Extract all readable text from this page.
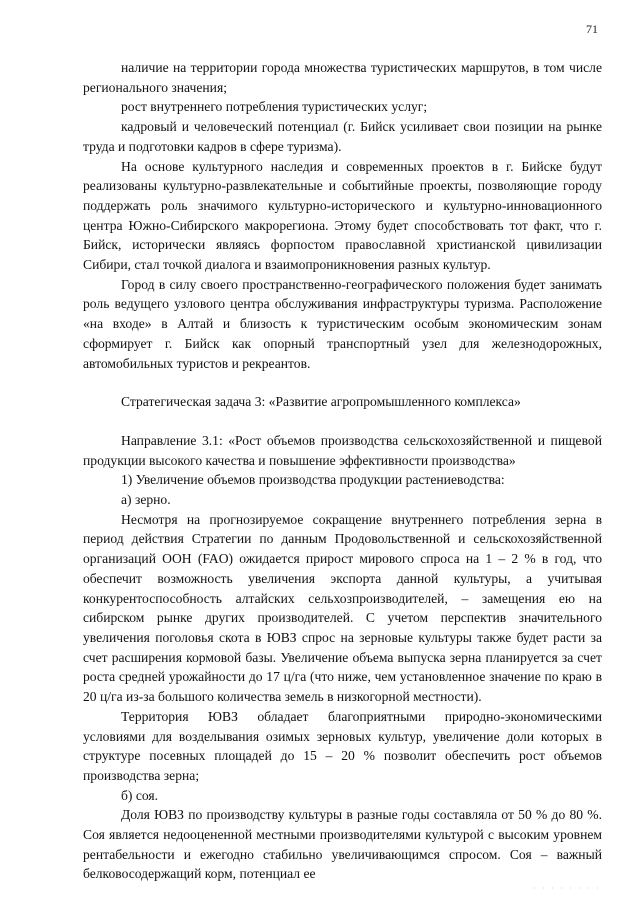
71

наличие на территории города множества туристических маршрутов, в том числе регионального значения;

рост внутреннего потребления туристических услуг;

кадровый и человеческий потенциал (г. Бийск усиливает свои позиции на рынке труда и подготовки кадров в сфере туризма).

На основе культурного наследия и современных проектов в г. Бийске будут реализованы культурно-развлекательные и событийные проекты, позволяющие городу поддержать роль значимого культурно-исторического и культурно-инновационного центра Южно-Сибирского макрорегиона. Этому будет способствовать тот факт, что г. Бийск, исторически являясь форпостом православной христианской цивилизации Сибири, стал точкой диалога и взаимопроникновения разных культур.

Город в силу своего пространственно-географического положения будет занимать роль ведущего узлового центра обслуживания инфраструктуры туризма. Расположение «на входе» в Алтай и близость к туристическим особым экономическим зонам сформирует г. Бийск как опорный транспортный узел для железнодорожных, автомобильных туристов и рекреантов.

Стратегическая задача 3: «Развитие агропромышленного комплекса»

Направление 3.1: «Рост объемов производства сельскохозяйственной и пищевой продукции высокого качества и повышение эффективности производства»

1) Увеличение объемов производства продукции растениеводства:

а) зерно.

Несмотря на прогнозируемое сокращение внутреннего потребления зерна в период действия Стратегии по данным Продовольственной и сельскохозяйственной организаций ООН (FAO) ожидается прирост мирового спроса на 1 – 2 % в год, что обеспечит возможность увеличения экспорта данной культуры, а учитывая конкурентоспособность алтайских сельхозпроизводителей, – замещения ею на сибирском рынке других производителей. С учетом перспектив значительного увеличения поголовья скота в ЮВЗ спрос на зерновые культуры также будет расти за счет расширения кормовой базы. Увеличение объема выпуска зерна планируется за счет роста средней урожайности до 17 ц/га (что ниже, чем установленное значение по краю в 20 ц/га из-за большого количества земель в низкогорной местности).

Территория ЮВЗ обладает благоприятными природно-экономическими условиями для возделывания озимых зерновых культур, увеличение доли которых в структуре посевных площадей до 15 – 20 % позволит обеспечить рост объемов производства зерна;

б) соя.

Доля ЮВЗ по производству культуры в разные годы составляла от 50 % до 80 %. Соя является недооцененной местными производителями культурой с высоким уровнем рентабельности и ежегодно стабильно увеличивающимся спросом. Соя – важный белковосодержащий корм, потенциал ее
